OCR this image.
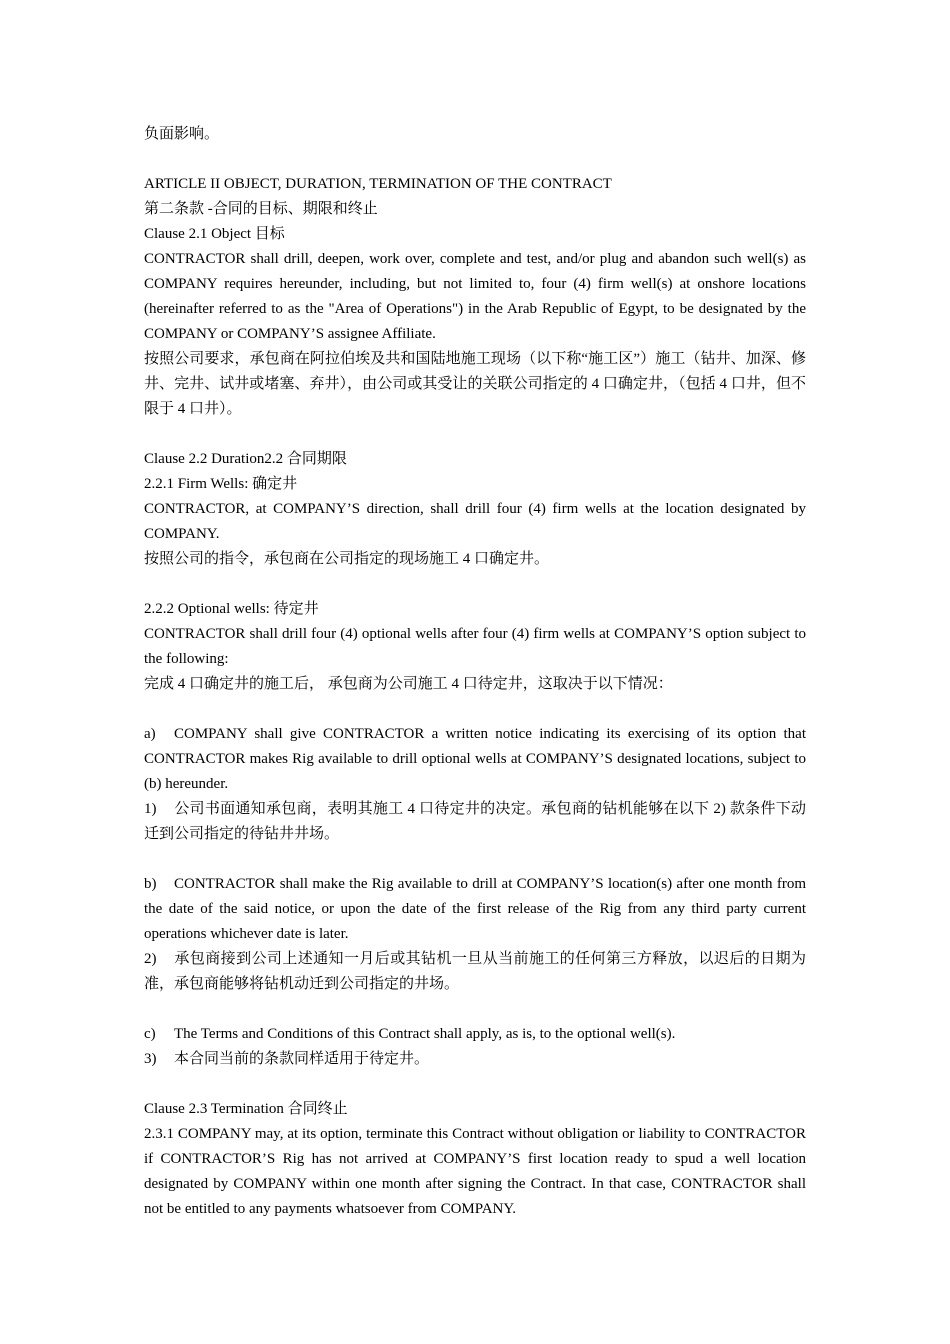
负面影响。

ARTICLE II OBJECT, DURATION, TERMINATION OF THE CONTRACT

第二条款 -合同的目标、期限和终止

Clause 2.1 Object 目标

CONTRACTOR shall drill, deepen, work over, complete and test, and/or plug and abandon such well(s) as COMPANY requires hereunder, including, but not limited to, four (4) firm well(s) at onshore locations (hereinafter referred to as the "Area of Operations") in the Arab Republic of Egypt, to be designated by the COMPANY or COMPANY’S assignee Affiliate.

按照公司要求，承包商在阿拉伯埃及共和国陆地施工现场（以下称“施工区”）施工（钻井、加深、修井、完井、试井或堵塞、弃井），由公司或其受让的关联公司指定的 4 口确定井，（包括 4 口井，但不限于 4 口井）。

Clause 2.2 Duration2.2 合同期限

2.2.1 Firm Wells: 确定井

CONTRACTOR, at COMPANY’S direction, shall drill four (4) firm wells at the location designated by COMPANY.

按照公司的指令，承包商在公司指定的现场施工 4 口确定井。

2.2.2 Optional wells: 待定井

CONTRACTOR shall drill four (4) optional wells after four (4) firm wells at COMPANY’S option subject to the following:

完成 4 口确定井的施工后， 承包商为公司施工 4 口待定井，这取决于以下情况：

a) COMPANY shall give CONTRACTOR a written notice indicating its exercising of its option that CONTRACTOR makes Rig available to drill optional wells at COMPANY’S designated locations, subject to (b) hereunder.

1) 公司书面通知承包商，表明其施工 4 口待定井的决定。承包商的钻机能够在以下 2) 款条件下动迁到公司指定的待钻井井场。

b) CONTRACTOR shall make the Rig available to drill at COMPANY’S location(s) after one month from the date of the said notice, or upon the date of the first release of the Rig from any third party current operations whichever date is later.

2) 承包商接到公司上述通知一月后或其钻机一旦从当前施工的任何第三方释放，以迟后的日期为准，承包商能够将钻机动迁到公司指定的井场。

c) The Terms and Conditions of this Contract shall apply, as is, to the optional well(s).

3) 本合同当前的条款同样适用于待定井。

Clause 2.3 Termination 合同终止

2.3.1 COMPANY may, at its option, terminate this Contract without obligation or liability to CONTRACTOR if CONTRACTOR’S Rig has not arrived at COMPANY’S first location ready to spud a well location designated by COMPANY within one month after signing the Contract. In that case, CONTRACTOR shall not be entitled to any payments whatsoever from COMPANY.
